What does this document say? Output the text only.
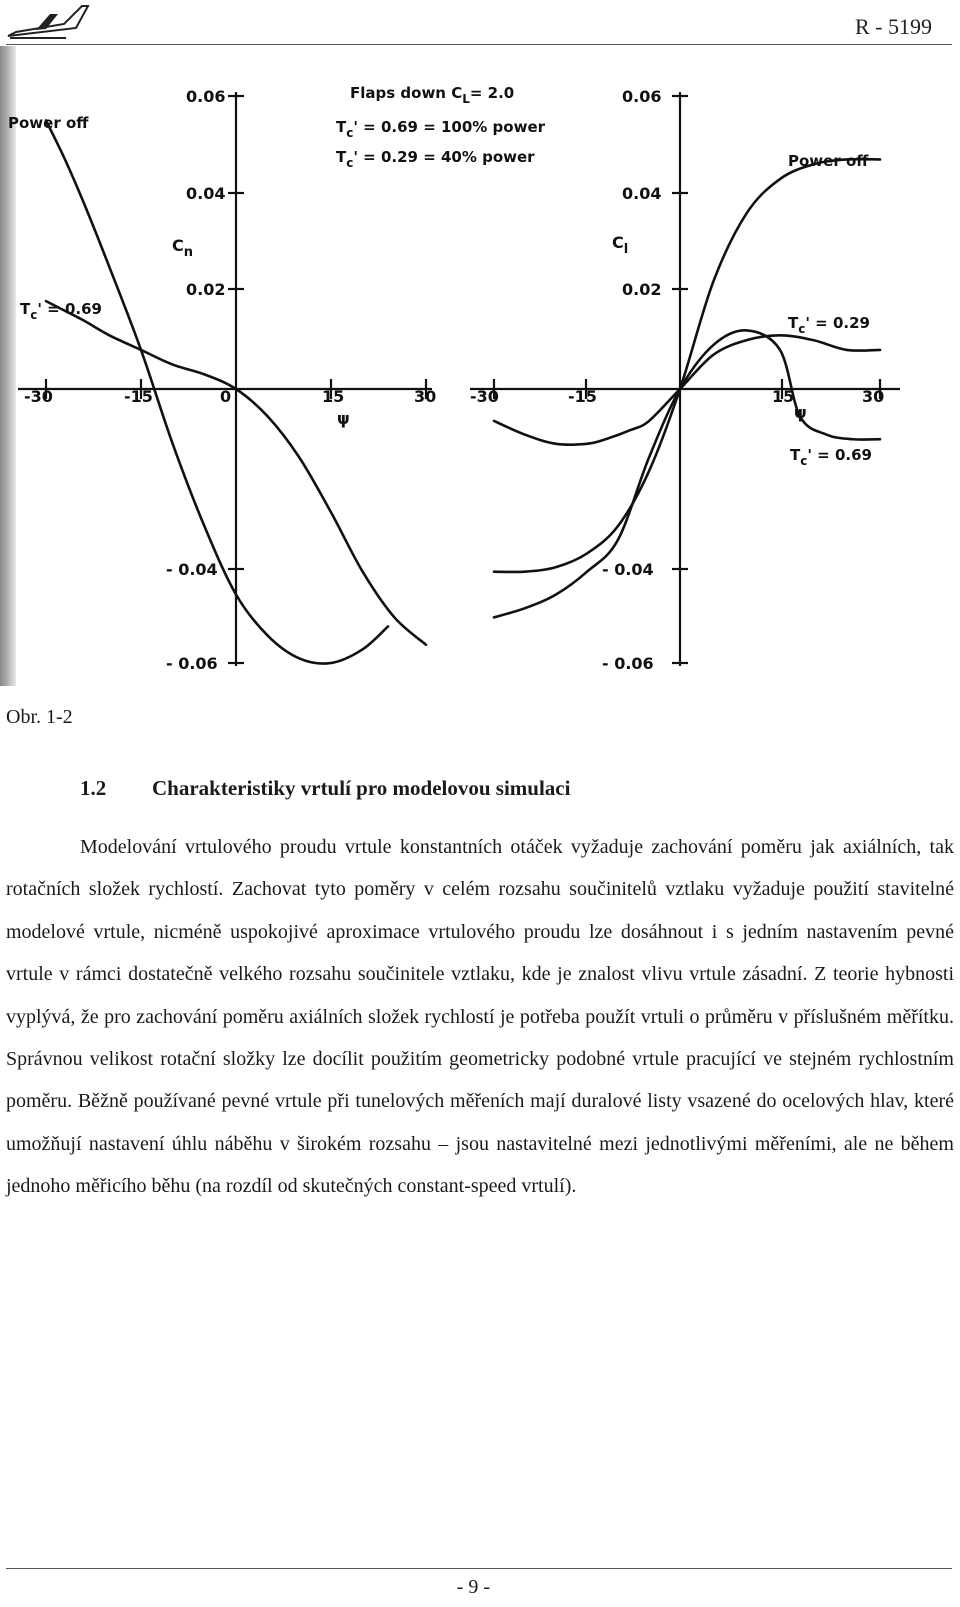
R - 5199
-30	-15	0	15	30
ψ
0.06
0.04
0.02
- 0.04
- 0.06
$C_n$
-30	-15	15	30
ψ
0.06
0.04
0.02
- 0.04
- 0.06
$C_l$
Flaps down $C_L= 2.0$
$T_c' = 0.69 = 100\%$ power
$T_c' = 0.29 = 40\%$ power
Power off
$T_c' = 0.69$
Power off
$T_c' = 0.29$
$T_c' = 0.69$
Obr. 1-2
1.2 Charakteristiky vrtulí pro modelovou simulaci

Modelování vrtulového proudu vrtule konstantních otáček vyžaduje zachování poměru jak axiálních, tak rotačních složek rychlostí. Zachovat tyto poměry v celém rozsahu součinitelů vztlaku vyžaduje použití stavitelné modelové vrtule, nicméně uspokojivé aproximace vrtulového proudu lze dosáhnout i s jedním nastavením pevné vrtule v rámci dostatečně velkého rozsahu součinitele vztlaku, kde je znalost vlivu vrtule zásadní. Z teorie hybnosti vyplývá, že pro zachování poměru axiálních složek rychlostí je potřeba použít vrtuli o průměru v příslušném měřítku. Správnou velikost rotační složky lze docílit použitím geometricky podobné vrtule pracující ve stejném rychlostním poměru. Běžně používané pevné vrtule při tunelových měřeních mají duralové listy vsazené do ocelových hlav, které umožňují nastavení úhlu náběhu v širokém rozsahu – jsou nastavitelné mezi jednotlivými měřeními, ale ne během jednoho měřicího běhu (na rozdíl od skutečných constant-speed vrtulí).

- 9 -
